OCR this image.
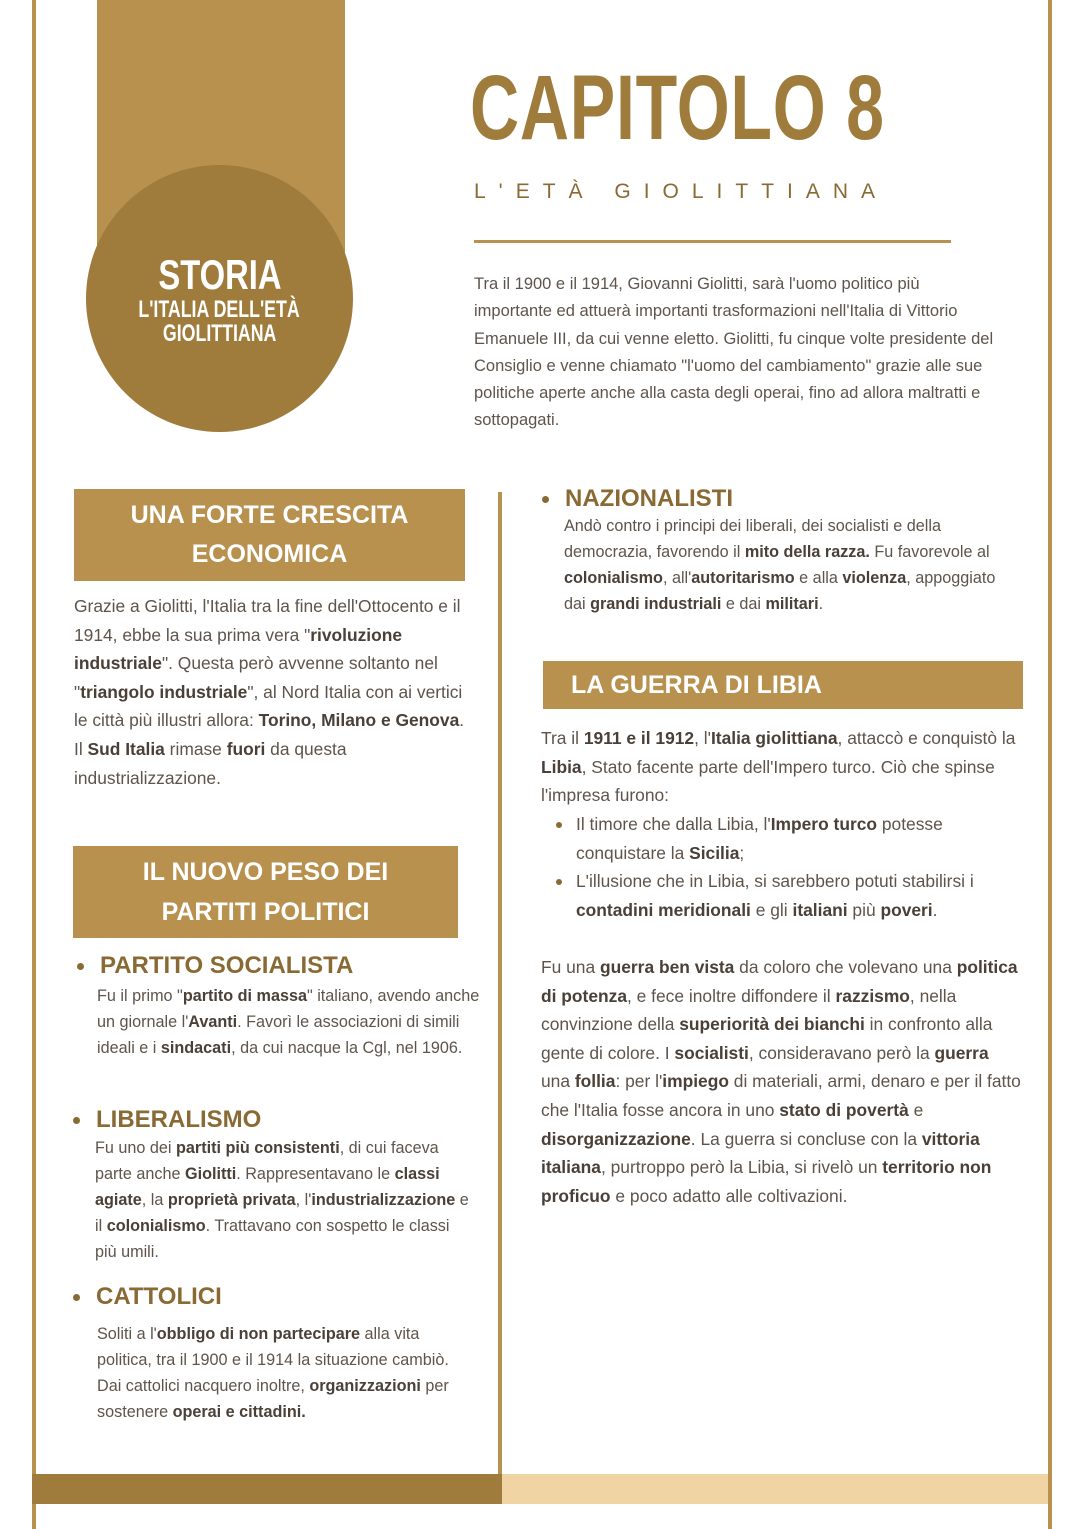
STORIA
L'ITALIA DELL'ETÀ
GIOLITTIANA
CAPITOLO 8
L'ETÀ GIOLITTIANA

Tra il 1900 e il 1914, Giovanni Giolitti, sarà l'uomo politico più importante ed attuerà importanti trasformazioni nell'Italia di Vittorio Emanuele III, da cui venne eletto. Giolitti, fu cinque volte presidente del Consiglio e venne chiamato "l'uomo del cambiamento" grazie alle sue politiche aperte anche alla casta degli operai, fino ad allora maltratti e sottopagati.

UNA FORTE CRESCITA
ECONOMICA

Grazie a Giolitti, l'Italia tra la fine dell'Ottocento e il 1914, ebbe la sua prima vera "rivoluzione industriale". Questa però avvenne soltanto nel "triangolo industriale", al Nord Italia con ai vertici le città più illustri allora: Torino, Milano e Genova. Il Sud Italia rimase fuori da questa industrializzazione.

IL NUOVO PESO DEI
PARTITI POLITICI
PARTITO SOCIALISTA

Fu il primo "partito di massa" italiano, avendo anche un giornale l'Avanti. Favorì le associazioni di simili ideali e i sindacati, da cui nacque la Cgl, nel 1906.

LIBERALISMO

Fu uno dei partiti più consistenti, di cui faceva parte anche Giolitti. Rappresentavano le classi agiate, la proprietà privata, l'industrializzazione e il colonialismo. Trattavano con sospetto le classi più umili.

CATTOLICI

Soliti a l'obbligo di non partecipare alla vita politica, tra il 1900 e il 1914 la situazione cambiò. Dai cattolici nacquero inoltre, organizzazioni per sostenere operai e cittadini.

NAZIONALISTI

Andò contro i principi dei liberali, dei socialisti e della democrazia, favorendo il mito della razza. Fu favorevole al colonialismo, all'autoritarismo e alla violenza, appoggiato dai grandi industriali e dai militari.

LA GUERRA DI LIBIA

Tra il 1911 e il 1912, l'Italia giolittiana, attaccò e conquistò la Libia, Stato facente parte dell'Impero turco. Ciò che spinse l'impresa furono:

Il timore che dalla Libia, l'Impero turco potesse conquistare la Sicilia;
L'illusione che in Libia, si sarebbero potuti stabilirsi i contadini meridionali e gli italiani più poveri.

Fu una guerra ben vista da coloro che volevano una politica di potenza, e fece inoltre diffondere il razzismo, nella convinzione della superiorità dei bianchi in confronto alla gente di colore. I socialisti, consideravano però la guerra una follia: per l'impiego di materiali, armi, denaro e per il fatto che l'Italia fosse ancora in uno stato di povertà e disorganizzazione. La guerra si concluse con la vittoria italiana, purtroppo però la Libia, si rivelò un territorio non proficuo e poco adatto alle coltivazioni.
